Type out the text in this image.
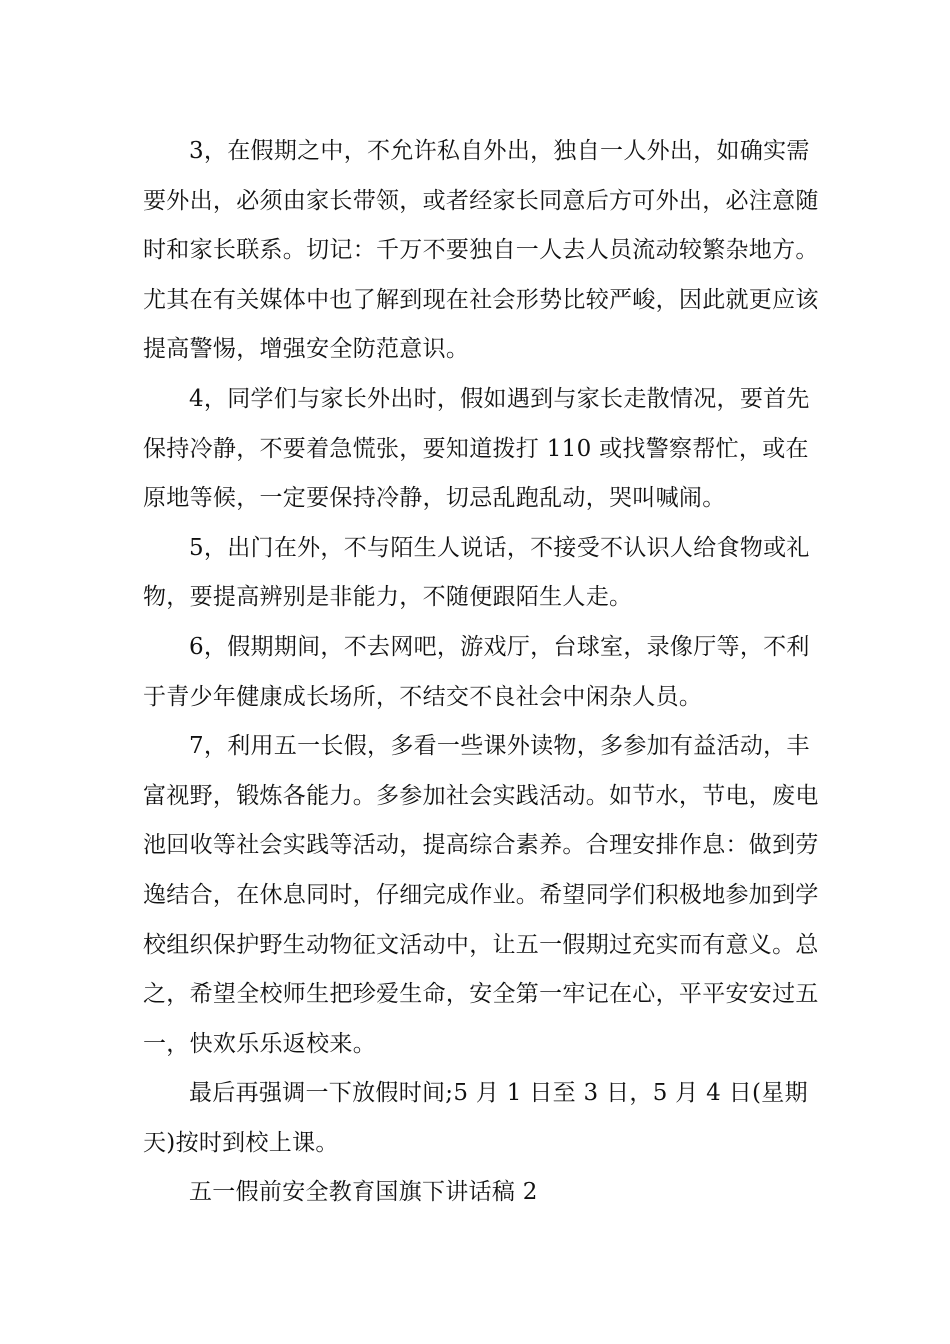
3，在假期之中，不允许私自外出，独自一人外出，如确实需要外出，必须由家长带领，或者经家长同意后方可外出，必注意随时和家长联系。切记：千万不要独自一人去人员流动较繁杂地方。尤其在有关媒体中也了解到现在社会形势比较严峻，因此就更应该提高警惕，增强安全防范意识。

4，同学们与家长外出时，假如遇到与家长走散情况，要首先保持冷静，不要着急慌张，要知道拨打 110 或找警察帮忙，或在原地等候，一定要保持冷静，切忌乱跑乱动，哭叫喊闹。

5，出门在外，不与陌生人说话，不接受不认识人给食物或礼物，要提高辨别是非能力，不随便跟陌生人走。

6，假期期间，不去网吧，游戏厅，台球室，录像厅等，不利于青少年健康成长场所，不结交不良社会中闲杂人员。

7，利用五一长假，多看一些课外读物，多参加有益活动，丰富视野，锻炼各能力。多参加社会实践活动。如节水，节电，废电池回收等社会实践等活动，提高综合素养。合理安排作息：做到劳逸结合，在休息同时，仔细完成作业。希望同学们积极地参加到学校组织保护野生动物征文活动中，让五一假期过充实而有意义。总之，希望全校师生把珍爱生命，安全第一牢记在心，平平安安过五一，快欢乐乐返校来。

最后再强调一下放假时间;5 月 1 日至 3 日，5 月 4 日(星期天)按时到校上课。

五一假前安全教育国旗下讲话稿 2
